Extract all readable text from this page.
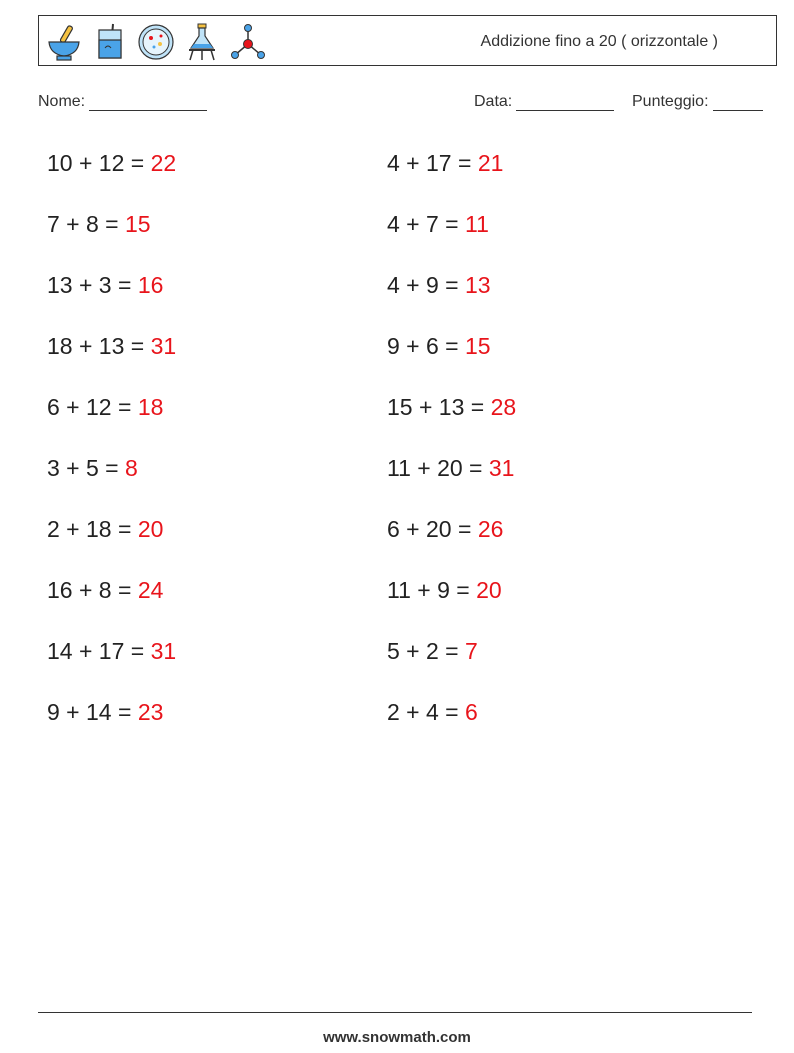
Addizione fino a 20 ( orizzontale )
Nome:	Data:	Punteggio:
10 + 12 = 22
7 + 8 = 15
13 + 3 = 16
18 + 13 = 31
6 + 12 = 18
3 + 5 = 8
2 + 18 = 20
16 + 8 = 24
14 + 17 = 31
9 + 14 = 23
4 + 17 = 21
4 + 7 = 11
4 + 9 = 13
9 + 6 = 15
15 + 13 = 28
11 + 20 = 31
6 + 20 = 26
11 + 9 = 20
5 + 2 = 7
2 + 4 = 6
www.snowmath.com
